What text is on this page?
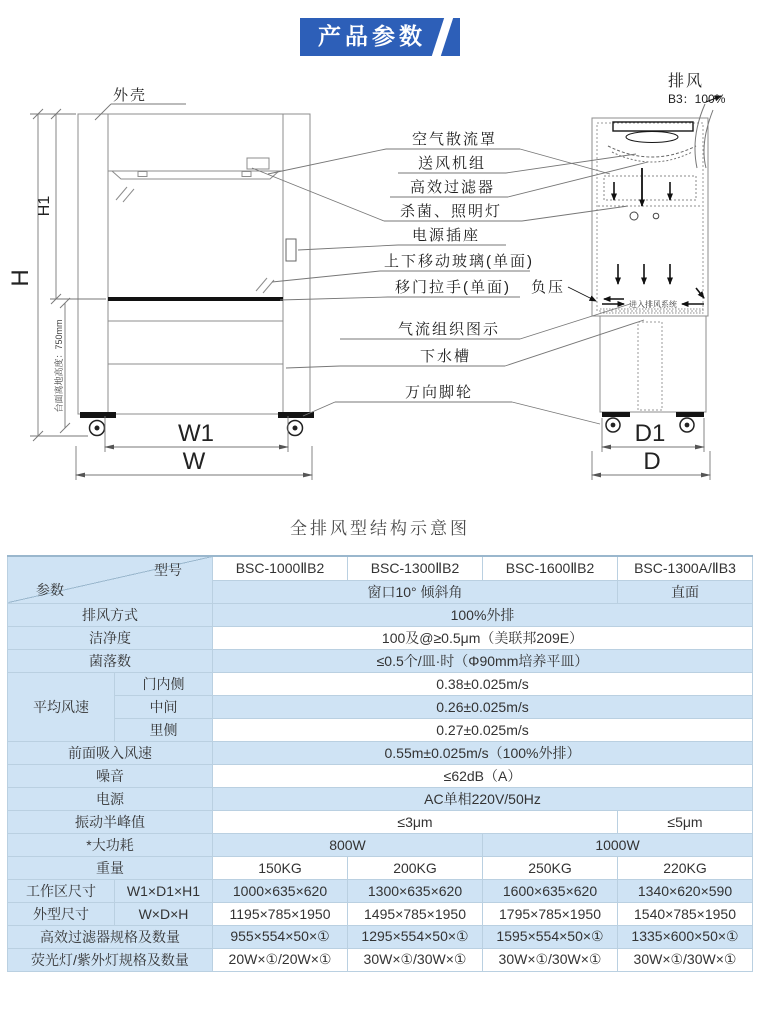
产品参数
H
H1
台面离地高度：750mm
W1
W
D1
D
进入排风系统
排风
B3：100%
外壳
空气散流罩
送风机组
高效过滤器
杀菌、照明灯
电源插座
上下移动玻璃(单面)
移门拉手(单面) 负压
气流组织图示
下水槽
万向脚轮
全排风型结构示意图
型号
参数		BSC-1000ⅡB2	BSC-1300ⅡB2	BSC-1600ⅡB2	BSC-1300A/ⅡB3
		窗口10° 倾斜角			直面
排风方式		100%外排			
洁净度		100及@≥0.5μm（美联邦209E）			
菌落数		≤0.5个/皿·时（Φ90mm培养平皿）			
平均风速	门内侧	0.38±0.025m/s			
	中间	0.26±0.025m/s			
	里侧	0.27±0.025m/s			
前面吸入风速		0.55m±0.025m/s（100%外排）			
噪音		≤62dB（A）			
电源		AC单相220V/50Hz			
振动半峰值		≤3μm			≤5μm
*大功耗		800W		1000W	
重量		150KG	200KG	250KG	220KG
工作区尺寸	W1×D1×H1	1000×635×620	1300×635×620	1600×635×620	1340×620×590
外型尺寸	W×D×H	1195×785×1950	1495×785×1950	1795×785×1950	1540×785×1950
高效过滤器规格及数量		955×554×50×①	1295×554×50×①	1595×554×50×①	1335×600×50×①
荧光灯/紫外灯规格及数量		20W×①/20W×①	30W×①/30W×①	30W×①/30W×①	30W×①/30W×①
